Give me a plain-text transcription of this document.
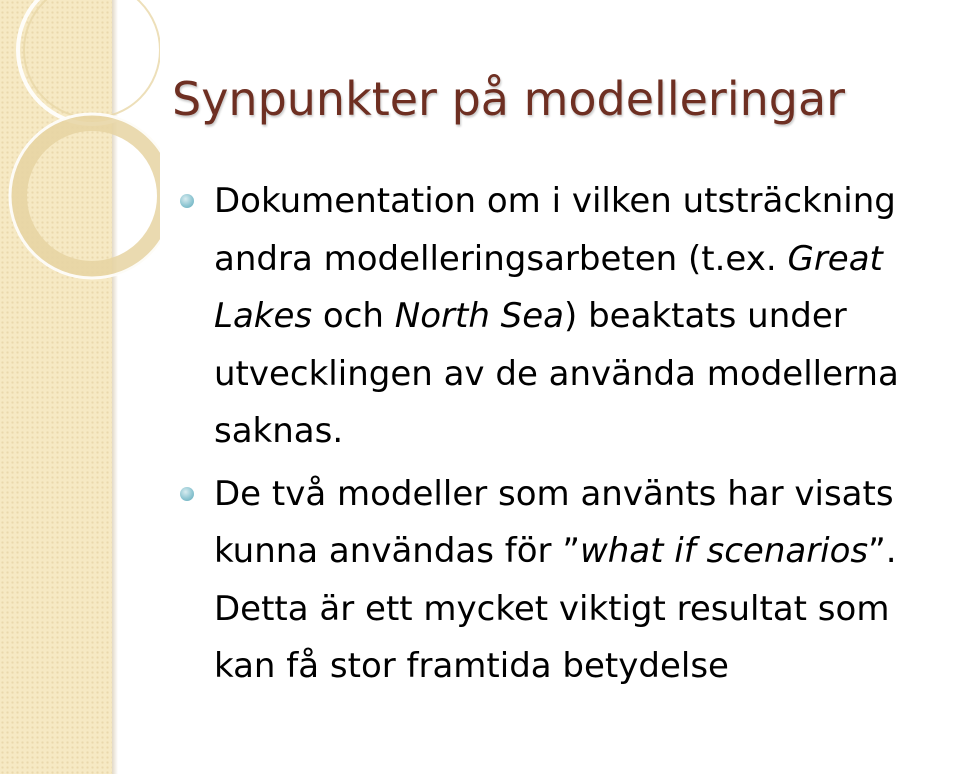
Synpunkter på modelleringar
Dokumentation om i vilken utsträckning andra modelleringsarbeten (t.ex. Great Lakes och North Sea) beaktats under utvecklingen av de använda modellerna saknas.
De två modeller som använts har visats kunna användas för ”what if scenarios”. Detta är ett mycket viktigt resultat som kan få stor framtida betydelse
